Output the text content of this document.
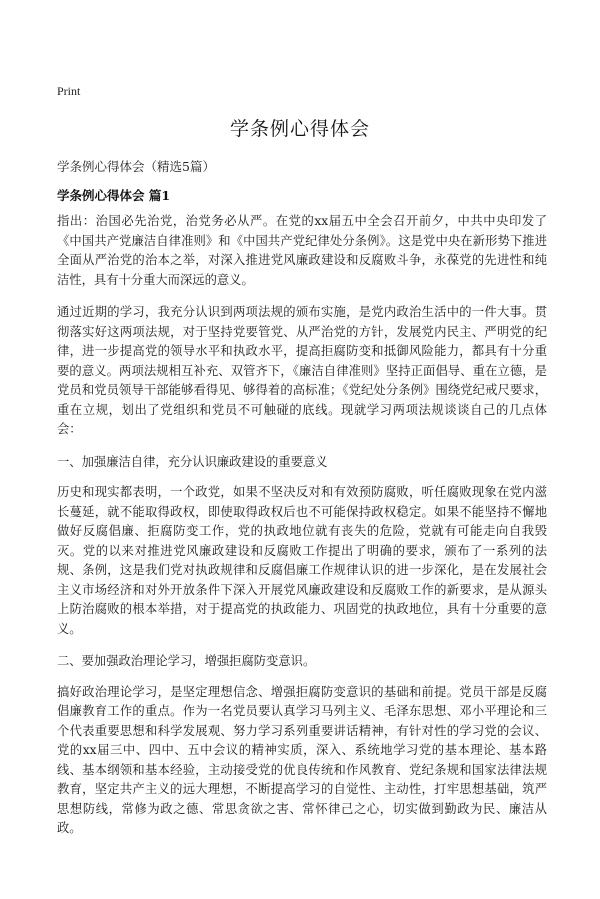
Print
学条例心得体会
学条例心得体会（精选5篇）
学条例心得体会 篇1

指出：治国必先治党，治党务必从严。在党的xx届五中全会召开前夕，中共中央印发了《中国共产党廉洁自律准则》和《中国共产党纪律处分条例》。这是党中央在新形势下推进全面从严治党的治本之举，对深入推进党风廉政建设和反腐败斗争，永葆党的先进性和纯洁性，具有十分重大而深远的意义。

通过近期的学习，我充分认识到两项法规的颁布实施，是党内政治生活中的一件大事。贯彻落实好这两项法规，对于坚持党要管党、从严治党的方针，发展党内民主、严明党的纪律，进一步提高党的领导水平和执政水平，提高拒腐防变和抵御风险能力，都具有十分重要的意义。两项法规相互补充、双管齐下，《廉洁自律准则》坚持正面倡导、重在立德，是党员和党员领导干部能够看得见、够得着的高标准；《党纪处分条例》围绕党纪戒尺要求，重在立规，划出了党组织和党员不可触碰的底线。现就学习两项法规谈谈自己的几点体会：

一、加强廉洁自律，充分认识廉政建设的重要意义

历史和现实都表明，一个政党，如果不坚决反对和有效预防腐败，听任腐败现象在党内滋长蔓延，就不能取得政权，即使取得政权后也不可能保持政权稳定。如果不能坚持不懈地做好反腐倡廉、拒腐防变工作，党的执政地位就有丧失的危险，党就有可能走向自我毁灭。党的以来对推进党风廉政建设和反腐败工作提出了明确的要求，颁布了一系列的法规、条例，这是我们党对执政规律和反腐倡廉工作规律认识的进一步深化，是在发展社会主义市场经济和对外开放条件下深入开展党风廉政建设和反腐败工作的新要求，是从源头上防治腐败的根本举措，对于提高党的执政能力、巩固党的执政地位，具有十分重要的意义。

二、要加强政治理论学习，增强拒腐防变意识。

搞好政治理论学习，是坚定理想信念、增强拒腐防变意识的基础和前提。党员干部是反腐倡廉教育工作的重点。作为一名党员要认真学习马列主义、毛泽东思想、邓小平理论和三个代表重要思想和科学发展观、努力学习系列重要讲话精神，有针对性的学习党的会议、党的xx届三中、四中、五中会议的精神实质，深入、系统地学习党的基本理论、基本路线、基本纲领和基本经验，主动接受党的优良传统和作风教育、党纪条规和国家法律法规教育，坚定共产主义的远大理想，不断提高学习的自觉性、主动性，打牢思想基础，筑严思想防线，常修为政之德、常思贪欲之害、常怀律己之心，切实做到勤政为民、廉洁从政。
